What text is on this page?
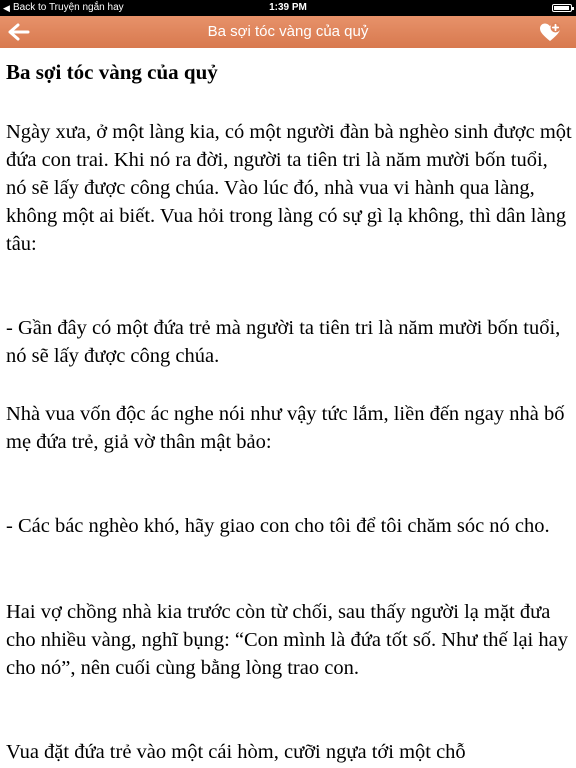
◀ Back to Truyện ngắn hay	1:39 PM
Ba sợi tóc vàng của quỷ
Ba sợi tóc vàng của quỷ

Ngày xưa, ở một làng kia, có một người đàn bà nghèo sinh được một đứa con trai. Khi nó ra đời, người ta tiên tri là năm mười bốn tuổi, nó sẽ lấy được công chúa. Vào lúc đó, nhà vua vi hành qua làng, không một ai biết. Vua hỏi trong làng có sự gì lạ không, thì dân làng tâu:

- Gần đây có một đứa trẻ mà người ta tiên tri là năm mười bốn tuổi, nó sẽ lấy được công chúa.

Nhà vua vốn độc ác nghe nói như vậy tức lắm, liền đến ngay nhà bố mẹ đứa trẻ, giả vờ thân mật bảo:

- Các bác nghèo khó, hãy giao con cho tôi để tôi chăm sóc nó cho.

Hai vợ chồng nhà kia trước còn từ chối, sau thấy người lạ mặt đưa cho nhiều vàng, nghĩ bụng: “Con mình là đứa tốt số. Như thế lại hay cho nó”, nên cuối cùng bằng lòng trao con.

Vua đặt đứa trẻ vào một cái hòm, cưỡi ngựa tới một chỗ
